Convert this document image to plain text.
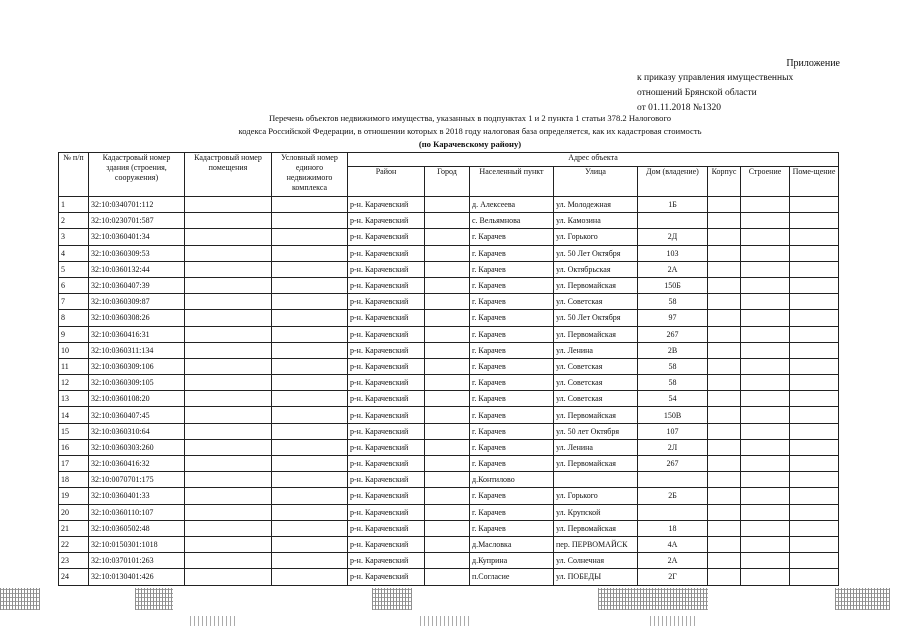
Приложение
к приказу управления имущественных
отношений Брянской области
от 01.11.2018 №1320
Перечень объектов недвижимого имущества, указанных в подпунктах 1 и 2 пункта 1 статьи 378.2 Налогового
кодекса Российской Федерации, в отношении которых в 2018 году налоговая база определяется, как их кадастровая стоимость
(по Карачевскому району)
№ п/п	Кадастровый номер здания (строения, сооружения)	Кадастровый номер помещения	Условный номер единого недвижимого комплекса	Адрес объекта							
				Район	Город	Населенный пункт	Улица	Дом (владение)	Корпус	Строение	Поме-щение
1	32:10:0340701:112			р-н. Карачевский		д. Алексеева	ул. Молодежная	1Б			
2	32:10:0230701:587			р-н. Карачевский		с. Вельямнова	ул. Камозина				
3	32:10:0360401:34			р-н. Карачевский		г. Карачев	ул. Горького	2Д			
4	32:10:0360309:53			р-н. Карачевский		г. Карачев	ул. 50 Лет Октября	103			
5	32:10:0360132:44			р-н. Карачевский		г. Карачев	ул. Октябрьская	2А			
6	32:10:0360407:39			р-н. Карачевский		г. Карачев	ул. Первомайская	150Б			
7	32:10:0360309:87			р-н. Карачевский		г. Карачев	ул. Советская	58			
8	32:10:0360308:26			р-н. Карачевский		г. Карачев	ул. 50 Лет Октября	97			
9	32:10:0360416:31			р-н. Карачевский		г. Карачев	ул. Первомайская	267			
10	32:10:0360311:134			р-н. Карачевский		г. Карачев	ул. Ленина	2В			
11	32:10:0360309:106			р-н. Карачевский		г. Карачев	ул. Советская	58			
12	32:10:0360309:105			р-н. Карачевский		г. Карачев	ул. Советская	58			
13	32:10:0360108:20			р-н. Карачевский		г. Карачев	ул. Советская	54			
14	32:10:0360407:45			р-н. Карачевский		г. Карачев	ул. Первомайская	150В			
15	32:10:0360310:64			р-н. Карачевский		г. Карачев	ул. 50 лет Октября	107			
16	32:10:0360303:260			р-н. Карачевский		г. Карачев	ул. Ленина	2Л			
17	32:10:0360416:32			р-н. Карачевский		г. Карачев	ул. Первомайская	267			
18	32:10:0070701:175			р-н. Карачевский		д.Контилово					
19	32:10:0360401:33			р-н. Карачевский		г. Карачев	ул. Горького	2Б			
20	32:10:0360110:107			р-н. Карачевский		г. Карачев	ул. Крупской				
21	32:10:0360502:48			р-н. Карачевский		г. Карачев	ул. Первомайская	18			
22	32:10:0150301:1018			р-н. Карачевский		д.Масловка	пер. ПЕРВОМАЙСК	4А			
23	32:10:0370101:263			р-н. Карачевский		д.Куприна	ул. Солнечная	2А			
24	32:10:0130401:426			р-н. Карачевский		п.Согласие	ул. ПОБЕДЫ	2Г			
